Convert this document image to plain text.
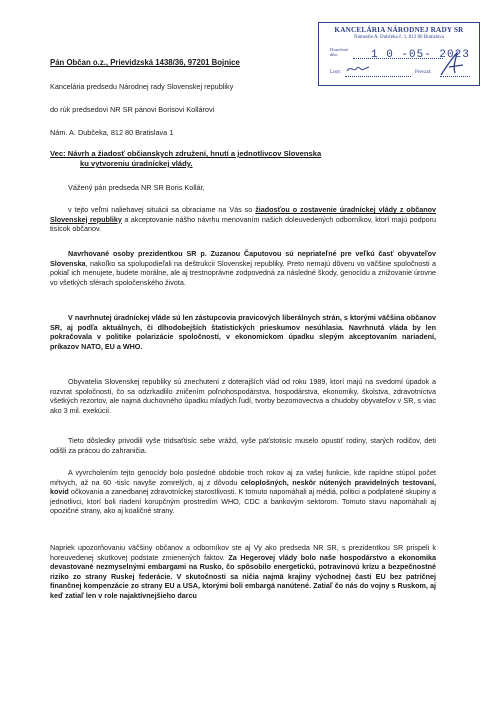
KANCELÁRIA NÁRODNEJ RADY SR
Námestie A. Dubčeka č. 1, 812 80 Bratislava
Doručené dňa:	1 0 -05- 2023
Listy:	Prevzal:
Pán Občan o.z., Prievidzská 1438/36, 97201 Bojnice
Kancelária predsedu Národnej rady Slovenskej republiky
do rúk predsedovi NR SR pánovi Borisovi Kollárovi
Nám. A. Dubčeka, 812 80 Bratislava 1
Vec: Návrh a žiadosť občianskych združení, hnutí a jednotlivcov Slovenska
ku vytvoreniu úradníckej vlády.
Vážený pán predseda NR SR Boris Kollár,
v tejto veľmi naliehavej situácii sa obraciame na Vás so žiadosťou o zostavenie úradníckej vlády z občanov Slovenskej republiky a akceptovanie nášho návrhu menovaním našich doleuvedených odborníkov, ktorí majú podporu tisícok občanov.
Navrhované osoby prezidentkou SR p. Zuzanou Čaputovou sú nepriateľné pre veľkú časť obyvateľov Slovenska, nakoľko sa spolupodieľali na deštrukcii Slovenskej republiky. Preto nemajú dôveru vo väčšine spoločnosti a pokiaľ ich menujete, budete morálne, ale aj trestnoprávne zodpovedná za následné škody, genocídu a znižovanie úrovne vo všetkých sférach spoločenského života.
V navrhnutej úradníckej vláde sú len zástupcovia pravicových liberálnych strán, s ktorými väčšina občanov SR, aj podľa aktuálnych, či dlhodobejších štatistických prieskumov nesúhlasia. Navrhnutá vláda by len pokračovala v politike polarizácie spoločností, v ekonomickom úpadku slepým akceptovaním nariadení, príkazov NATO, EU a WHO.
Obyvatelia Slovenskej republiky sú znechutení z doterajších vlád od roku 1989, ktorí majú na svedomí úpadok a rozvrat spoločnosti, čo sa odzrkadlilo zničením poľnohospodárstva, hospodárstva, ekonomiky, školstva, zdravotníctva všetkých rezortov, ale najmä duchovného úpadku mladých ľudí, tvorby bezomovectva a chudoby obyvateľov v SR, s viac ako 3 mil. exekúcií.
Tieto dôsledky privodili vyše tridsaťtisíc sebe vrážd, vyše päťstotisíc muselo opustiť rodiny, starých rodičov, deti odišli za prácou do zahraničia.
A vyvrcholením tejto genocídy bolo posledné obdobie troch rokov aj za vašej funkcie, kde rapídne stúpol počet mŕtvych, až na 60 -tisíc navyše zomrelých, aj z dôvodu celoplošných, neskôr nútených pravidelných testovaní, kovid očkovania a zanedbanej zdravotníckej starostlivosti. K tomuto napomáhali aj médiá, politici a podplatené skupiny a jednotlivci, ktorí boli riadení korupčným prostredím WHO, CDC a bankovým sektorom. Tomuto stavu napomáhali aj opozičné strany, ako aj koaličné strany.
Napriek upozorňovaniu väčšiny občanov a odborníkov ste aj Vy ako predseda NR SR, s prezidentkou SR prispeli k horeuvedenej skutkovej podstate zmienených faktov. Za Hegerovej vlády bolo naše hospodárstvo a ekonomika devastované nezmyselnými embargami na Rusko, čo spôsobilo energetickú, potravinovú krízu a bezpečnostné riziko zo strany Ruskej federácie. V skutočnosti sa ničia najmä krajiny východnej časti EU bez patričnej finančnej kompenzácie zo strany EU a USA, ktorými boli embargá nanútené. Zatiaľ čo nás do vojny s Ruskom, aj keď zatiaľ len v role najaktívnejšieho darcu
